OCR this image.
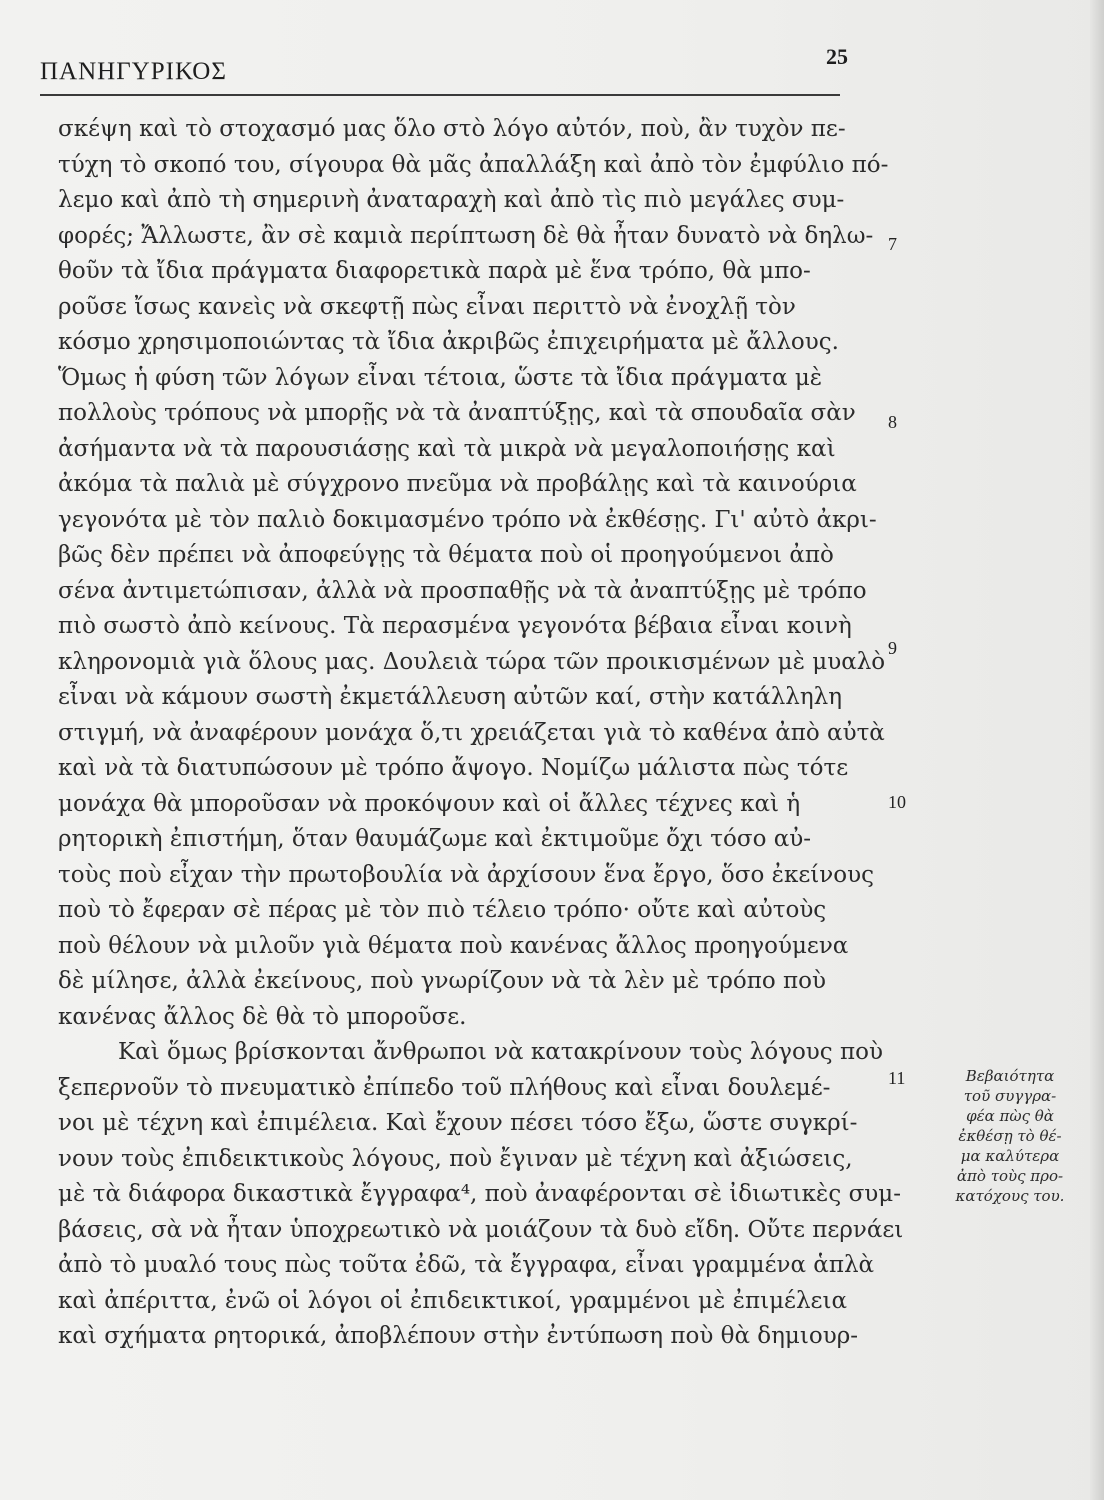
ΠΑΝΗΓΥΡΙΚΟΣ
25
σκέψη καὶ τὸ στοχασμό μας ὅλο στὸ λόγο αὐτόν, ποὺ, ἂν τυχὸν πε-
τύχη τὸ σκοπό του, σίγουρα θὰ μᾶς ἀπαλλάξη καὶ ἀπὸ τὸν ἐμφύλιο πό-
λεμο καὶ ἀπὸ τὴ σημερινὴ ἀναταραχὴ καὶ ἀπὸ τὶς πιὸ μεγάλες συμ-
φορές; Ἄλλωστε, ἂν σὲ καμιὰ περίπτωση δὲ θὰ ἦταν δυνατὸ νὰ δηλω-
θοῦν τὰ ἴδια πράγματα διαφορετικὰ παρὰ μὲ ἕνα τρόπο, θὰ μπο-
ροῦσε ἴσως κανεὶς νὰ σκεφτῇ πὼς εἶναι περιττὸ νὰ ἐνοχλῇ τὸν
κόσμο χρησιμοποιώντας τὰ ἴδια ἀκριβῶς ἐπιχειρήματα μὲ ἄλλους.
Ὅμως ἡ φύση τῶν λόγων εἶναι τέτοια, ὥστε τὰ ἴδια πράγματα μὲ
πολλοὺς τρόπους νὰ μπορῇς νὰ τὰ ἀναπτύξῃς, καὶ τὰ σπουδαῖα σὰν
ἀσήμαντα νὰ τὰ παρουσιάσῃς καὶ τὰ μικρὰ νὰ μεγαλοποιήσῃς καὶ
ἀκόμα τὰ παλιὰ μὲ σύγχρονο πνεῦμα νὰ προβάλῃς καὶ τὰ καινούρια
γεγονότα μὲ τὸν παλιὸ δοκιμασμένο τρόπο νὰ ἐκθέσῃς. Γι' αὐτὸ ἀκρι-
βῶς δὲν πρέπει νὰ ἀποφεύγῃς τὰ θέματα ποὺ οἱ προηγούμενοι ἀπὸ
σένα ἀντιμετώπισαν, ἀλλὰ νὰ προσπαθῇς νὰ τὰ ἀναπτύξῃς μὲ τρόπο
πιὸ σωστὸ ἀπὸ κείνους. Τὰ περασμένα γεγονότα βέβαια εἶναι κοινὴ
κληρονομιὰ γιὰ ὅλους μας. Δουλειὰ τώρα τῶν προικισμένων μὲ μυαλὸ
εἶναι νὰ κάμουν σωστὴ ἐκμετάλλευση αὐτῶν καί, στὴν κατάλληλη
στιγμή, νὰ ἀναφέρουν μονάχα ὅ,τι χρειάζεται γιὰ τὸ καθένα ἀπὸ αὐτὰ
καὶ νὰ τὰ διατυπώσουν μὲ τρόπο ἄψογο. Νομίζω μάλιστα πὼς τότε
μονάχα θὰ μποροῦσαν νὰ προκόψουν καὶ οἱ ἄλλες τέχνες καὶ ἡ
ρητορικὴ ἐπιστήμη, ὅταν θαυμάζωμε καὶ ἐκτιμοῦμε ὄχι τόσο αὐ-
τοὺς ποὺ εἶχαν τὴν πρωτοβουλία νὰ ἀρχίσουν ἕνα ἔργο, ὅσο ἐκείνους
ποὺ τὸ ἔφεραν σὲ πέρας μὲ τὸν πιὸ τέλειο τρόπο· οὔτε καὶ αὐτοὺς
ποὺ θέλουν νὰ μιλοῦν γιὰ θέματα ποὺ κανένας ἄλλος προηγούμενα
δὲ μίλησε, ἀλλὰ ἐκείνους, ποὺ γνωρίζουν νὰ τὰ λὲν μὲ τρόπο ποὺ
κανένας ἄλλος δὲ θὰ τὸ μποροῦσε.
Καὶ ὅμως βρίσκονται ἄνθρωποι νὰ κατακρίνουν τοὺς λόγους ποὺ
ξεπερνοῦν τὸ πνευματικὸ ἐπίπεδο τοῦ πλήθους καὶ εἶναι δουλεμέ-
νοι μὲ τέχνη καὶ ἐπιμέλεια. Καὶ ἔχουν πέσει τόσο ἔξω, ὥστε συγκρί-
νουν τοὺς ἐπιδεικτικοὺς λόγους, ποὺ ἔγιναν μὲ τέχνη καὶ ἀξιώσεις,
μὲ τὰ διάφορα δικαστικὰ ἔγγραφα⁴, ποὺ ἀναφέρονται σὲ ἰδιωτικὲς συμ-
βάσεις, σὰ νὰ ἦταν ὑποχρεωτικὸ νὰ μοιάζουν τὰ δυὸ εἴδη. Οὔτε περνάει
ἀπὸ τὸ μυαλό τους πὼς τοῦτα ἐδῶ, τὰ ἔγγραφα, εἶναι γραμμένα ἁπλὰ
καὶ ἀπέριττα, ἐνῶ οἱ λόγοι οἱ ἐπιδεικτικοί, γραμμένοι μὲ ἐπιμέλεια
καὶ σχήματα ρητορικά, ἀποβλέπουν στὴν ἐντύπωση ποὺ θὰ δημιουρ-
7
8
9
10
11	Βεβαιότητα
τοῦ συγγρα-
φέα πὼς θὰ
ἐκθέσῃ τὸ θέ-
μα καλύτερα
ἀπὸ τοὺς προ-
κατόχους του.
